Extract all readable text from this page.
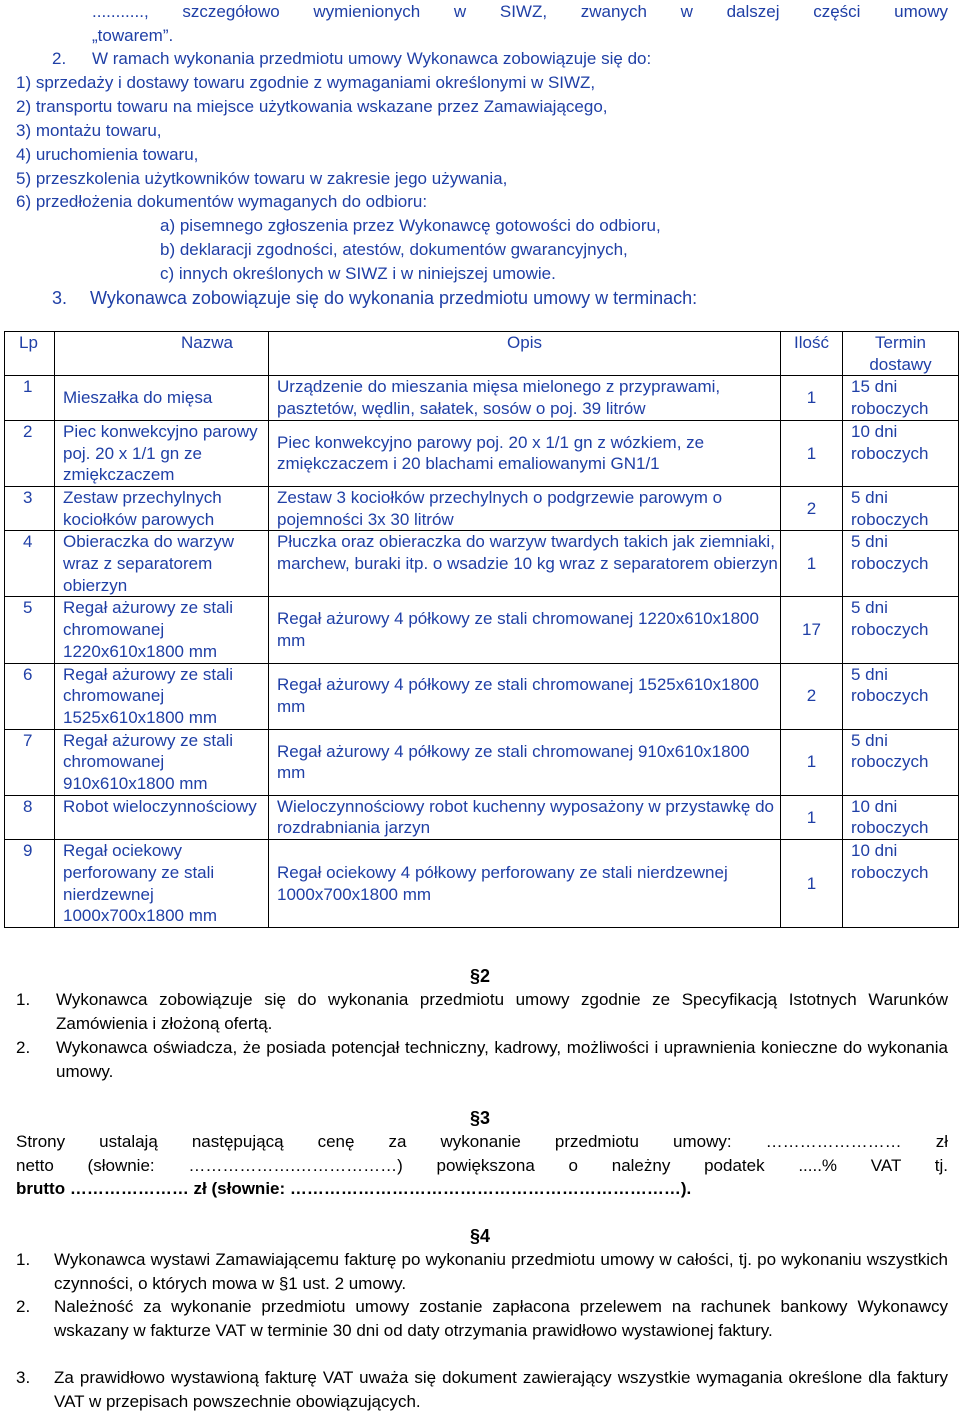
..........., szczegółowo wymienionych w SIWZ, zwanych w dalszej części umowy
„towarem”.
2. W ramach wykonania przedmiotu umowy Wykonawca zobowiązuje się do:
1) sprzedaży i dostawy towaru zgodnie z wymaganiami określonymi w SIWZ,
2) transportu towaru na miejsce użytkowania wskazane przez Zamawiającego,
3) montażu towaru,
4) uruchomienia towaru,
5) przeszkolenia użytkowników towaru w zakresie jego używania,
6) przedłożenia dokumentów wymaganych do odbioru:
a) pisemnego zgłoszenia przez Wykonawcę gotowości do odbioru,
b) deklaracji zgodności, atestów, dokumentów gwarancyjnych,
c) innych określonych w SIWZ i w niniejszej umowie.
3. Wykonawca zobowiązuje się do wykonania przedmiotu umowy w terminach:
Lp	Nazwa	Opis	Ilość	Termin dostawy
1	Mieszałka do mięsa	Urządzenie do mieszania mięsa mielonego z przyprawami, pasztetów, wędlin, sałatek, sosów o poj. 39 litrów	1	15 dni roboczych
2	Piec konwekcyjno parowy poj. 20 x 1/1 gn ze zmiękczaczem	Piec konwekcyjno parowy poj. 20 x 1/1 gn z wózkiem, ze zmiękczaczem i 20 blachami emaliowanymi GN1/1	1	10 dni roboczych
3	Zestaw przechylnych kociołków parowych	Zestaw 3 kociołków przechylnych o podgrzewie parowym o pojemności 3x 30 litrów	2	5 dni roboczych
4	Obieraczka do warzyw wraz z separatorem obierzyn	Płuczka oraz obieraczka do warzyw twardych takich jak ziemniaki, marchew, buraki itp. o wsadzie 10 kg wraz z separatorem obierzyn	1	5 dni roboczych
5	Regał ażurowy ze stali chromowanej 1220x610x1800 mm	Regał ażurowy 4 półkowy ze stali chromowanej 1220x610x1800 mm	17	5 dni roboczych
6	Regał ażurowy ze stali chromowanej 1525x610x1800 mm	Regał ażurowy 4 półkowy ze stali chromowanej 1525x610x1800 mm	2	5 dni roboczych
7	Regał ażurowy ze stali chromowanej 910x610x1800 mm	Regał ażurowy 4 półkowy ze stali chromowanej 910x610x1800 mm	1	5 dni roboczych
8	Robot wieloczynnościowy	Wieloczynnościowy robot kuchenny wyposażony w przystawkę do rozdrabniania jarzyn	1	10 dni roboczych
9	Regał ociekowy perforowany ze stali nierdzewnej 1000x700x1800 mm	Regał ociekowy 4 półkowy perforowany ze stali nierdzewnej 1000x700x1800 mm	1	10 dni roboczych
§2
1. Wykonawca zobowiązuje się do wykonania przedmiotu umowy zgodnie ze Specyfikacją Istotnych Warunków Zamówienia i złożoną ofertą.
2. Wykonawca oświadcza, że posiada potencjał techniczny, kadrowy, możliwości i uprawnienia konieczne do wykonania umowy.
§3
Strony ustalają następującą cenę za wykonanie przedmiotu umowy: …………………… zł
netto (słownie: ……………….………………) powiększona o należny podatek .....% VAT tj.
brutto ………………… zł (słownie: ……………………………………………………………).
§4
1. Wykonawca wystawi Zamawiającemu fakturę po wykonaniu przedmiotu umowy w całości, tj. po wykonaniu wszystkich czynności, o których mowa w §1 ust. 2 umowy.
2. Należność za wykonanie przedmiotu umowy zostanie zapłacona przelewem na rachunek bankowy Wykonawcy wskazany w fakturze VAT w terminie 30 dni od daty otrzymania prawidłowo wystawionej faktury.
3. Za prawidłowo wystawioną fakturę VAT uważa się dokument zawierający wszystkie wymagania określone dla faktury VAT w przepisach powszechnie obowiązujących.
